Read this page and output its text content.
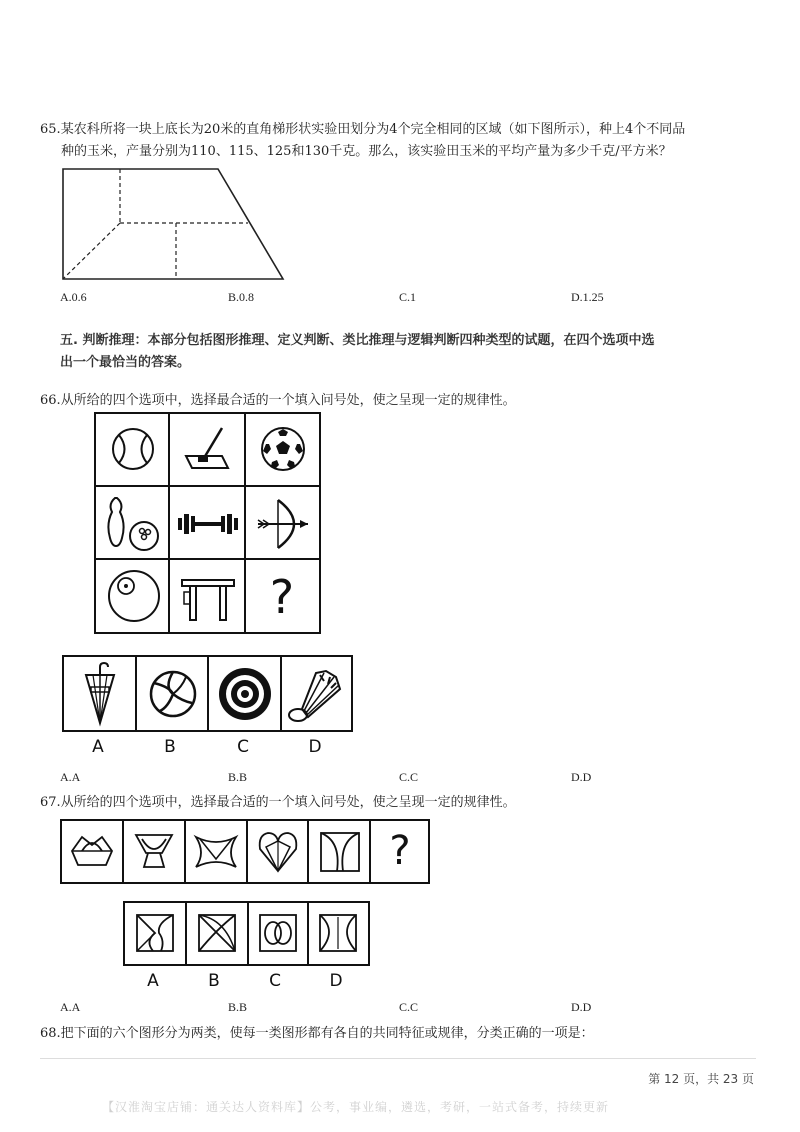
65.某农科所将一块上底长为20米的直角梯形状实验田划分为4个完全相同的区域（如下图所示），种上4个不同品
种的玉米，产量分别为110、115、125和130千克。那么，该实验田玉米的平均产量为多少千克/平方米？
A.0.6	B.0.8	C.1	D.1.25
五. 判断推理：本部分包括图形推理、定义判断、类比推理与逻辑判断四种类型的试题，在四个选项中选
出一个最恰当的答案。
66.从所给的四个选项中，选择最合适的一个填入问号处，使之呈现一定的规律性。
?
A	B	C	D
A.A	B.B	C.C	D.D
67.从所给的四个选项中，选择最合适的一个填入问号处，使之呈现一定的规律性。
?
A	B	C	D
A.A	B.B	C.C	D.D
68.把下面的六个图形分为两类，使每一类图形都有各自的共同特征或规律，分类正确的一项是：
第 12 页，共 23 页
【汉淮淘宝店铺：通关达人资料库】公考，事业编，遴选，考研，一站式备考，持续更新
